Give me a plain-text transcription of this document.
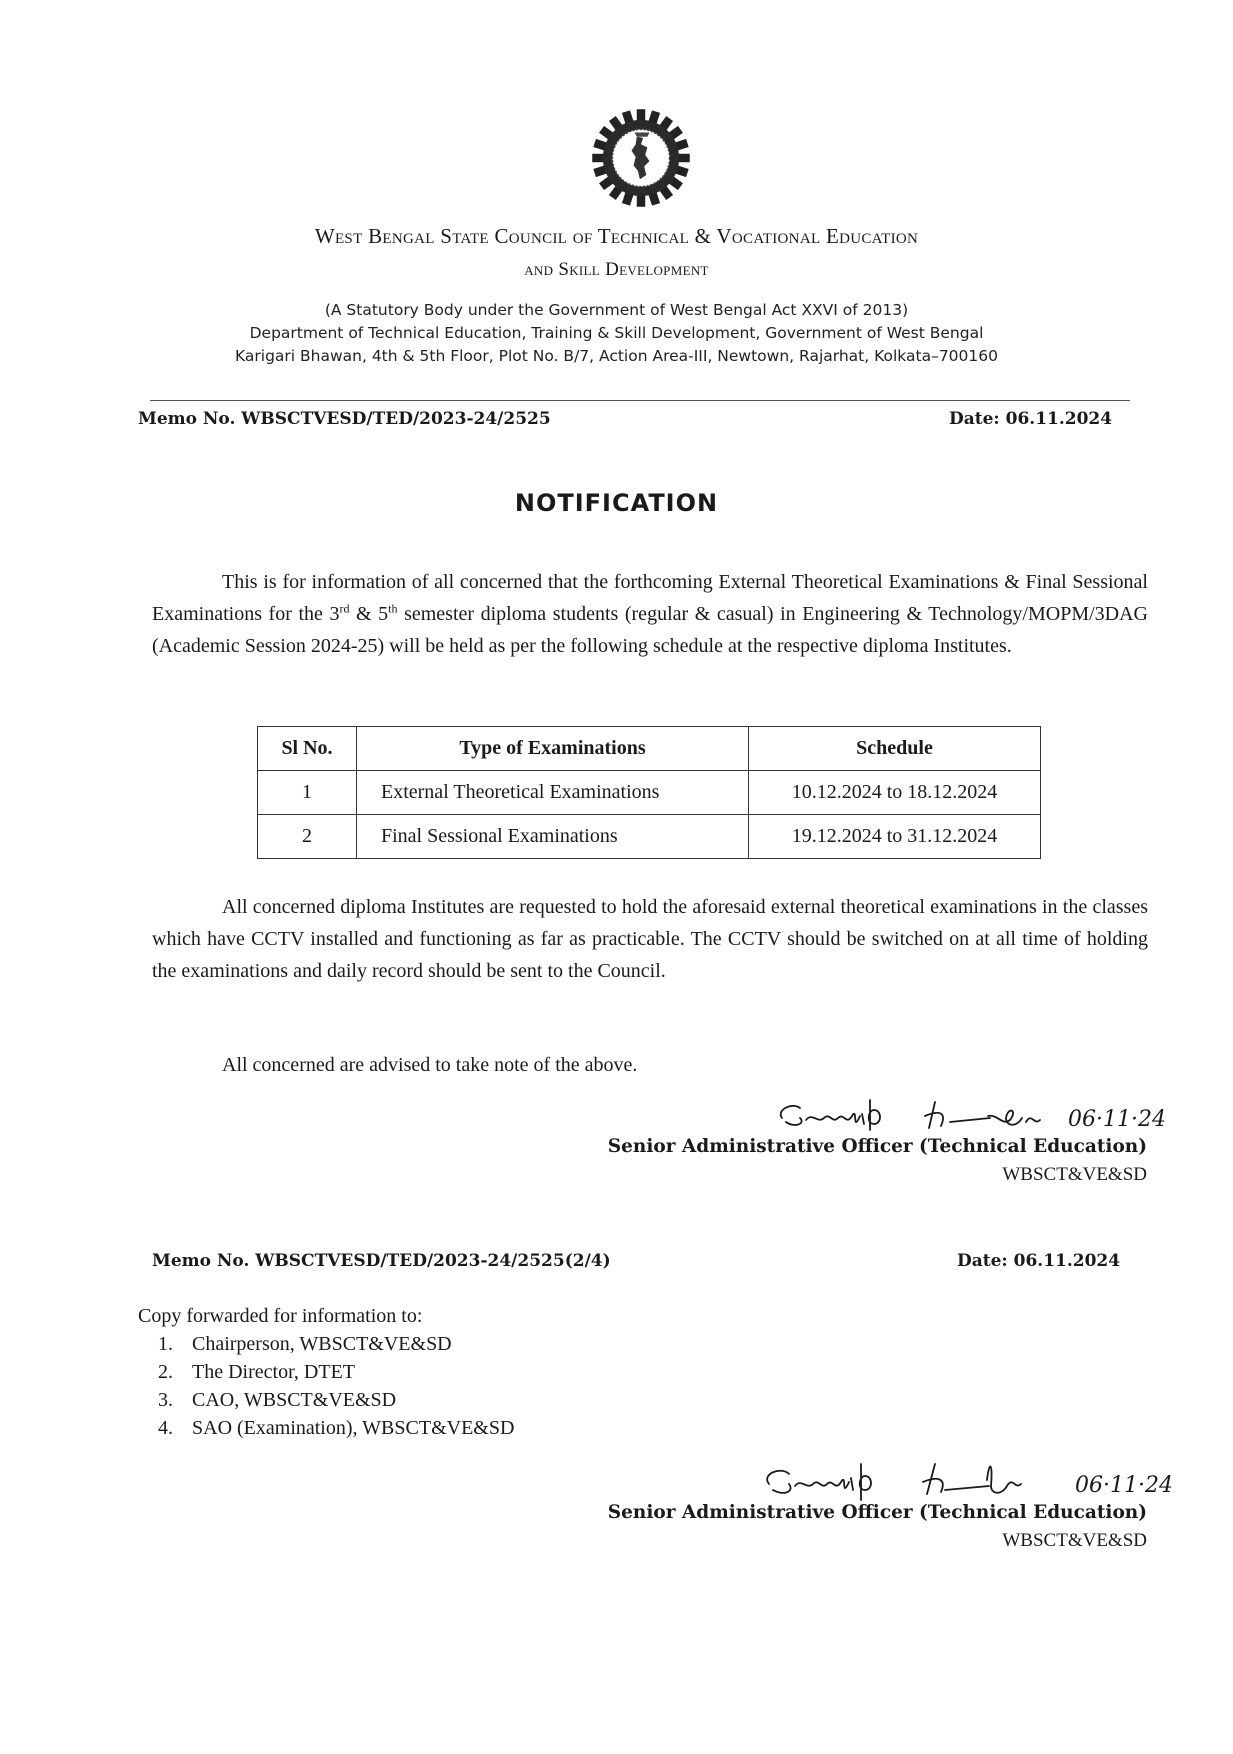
West Bengal State Council of Technical & Vocational Education
and Skill Development
(A Statutory Body under the Government of West Bengal Act XXVI of 2013)
Department of Technical Education, Training & Skill Development, Government of West Bengal
Karigari Bhawan, 4th & 5th Floor, Plot No. B/7, Action Area-III, Newtown, Rajarhat, Kolkata–700160
Memo No. WBSCTVESD/TED/2023-24/2525	Date: 06.11.2024
NOTIFICATION
This is for information of all concerned that the forthcoming External Theoretical Examinations & Final Sessional Examinations for the 3rd & 5th semester diploma students (regular & casual) in Engineering & Technology/MOPM/3DAG (Academic Session 2024-25) will be held as per the following schedule at the respective diploma Institutes.
Sl No.	Type of Examinations	Schedule
1	External Theoretical Examinations	10.12.2024 to 18.12.2024
2	Final Sessional Examinations	19.12.2024 to 31.12.2024
All concerned diploma Institutes are requested to hold the aforesaid external theoretical examinations in the classes which have CCTV installed and functioning as far as practicable. The CCTV should be switched on at all time of holding the examinations and daily record should be sent to the Council.
All concerned are advised to take note of the above.
06·11·24
Senior Administrative Officer (Technical Education)
WBSCT&VE&SD
Memo No. WBSCTVESD/TED/2023-24/2525(2/4)	Date: 06.11.2024
Copy forwarded for information to:
1. Chairperson, WBSCT&VE&SD
2. The Director, DTET
3. CAO, WBSCT&VE&SD
4. SAO (Examination), WBSCT&VE&SD
06·11·24
Senior Administrative Officer (Technical Education)
WBSCT&VE&SD
